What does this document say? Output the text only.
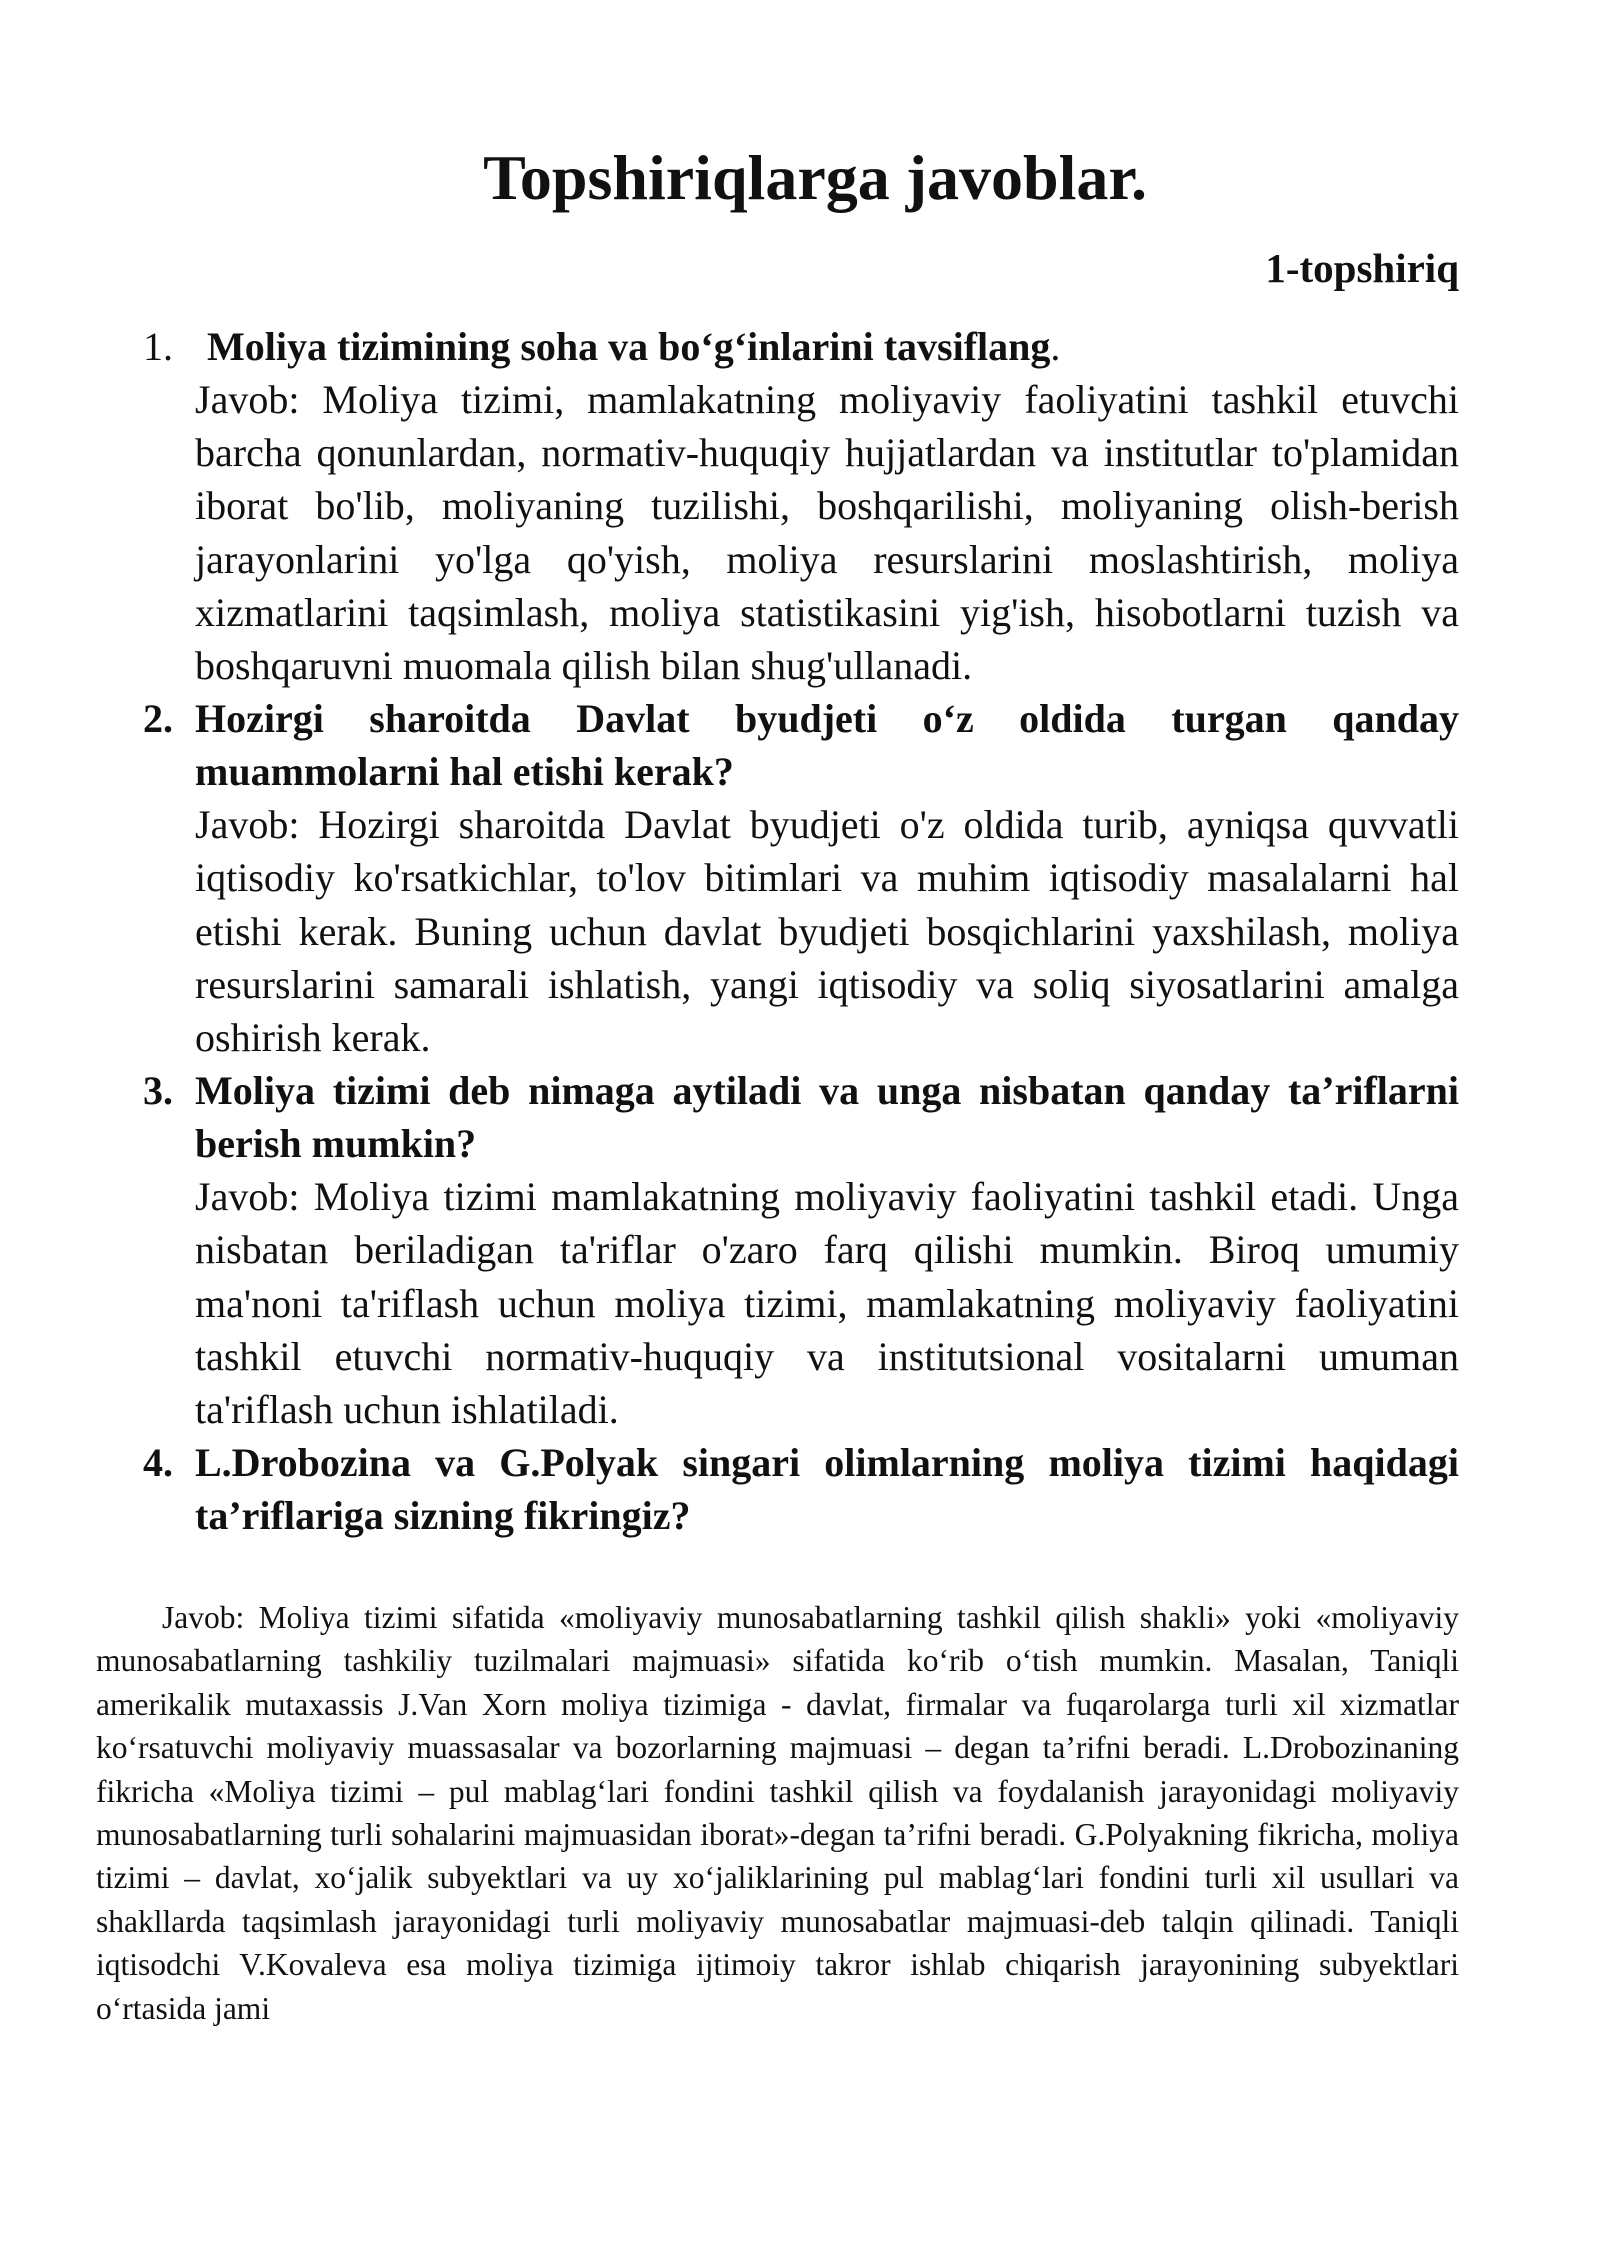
Topshiriqlarga javoblar.
1-topshiriq
1. Moliya tizimining soha va bo‘g‘inlarini tavsiflang.
Javob: Moliya tizimi, mamlakatning moliyaviy faoliyatini tashkil etuvchi barcha qonunlardan, normativ-huquqiy hujjatlardan va institutlar to'plamidan iborat bo'lib, moliyaning tuzilishi, boshqarilishi, moliyaning olish-berish jarayonlarini yo'lga qo'yish, moliya resurslarini moslashtirish, moliya xizmatlarini taqsimlash, moliya statistikasini yig'ish, hisobotlarni tuzish va boshqaruvni muomala qilish bilan shug'ullanadi.
2. Hozirgi sharoitda Davlat byudjeti o‘z oldida turgan qanday muammolarni hal etishi kerak?
Javob: Hozirgi sharoitda Davlat byudjeti o'z oldida turib, ayniqsa quvvatli iqtisodiy ko'rsatkichlar, to'lov bitimlari va muhim iqtisodiy masalalarni hal etishi kerak. Buning uchun davlat byudjeti bosqichlarini yaxshilash, moliya resurslarini samarali ishlatish, yangi iqtisodiy va soliq siyosatlarini amalga oshirish kerak.
3. Moliya tizimi deb nimaga aytiladi va unga nisbatan qanday ta’riflarni berish mumkin?
Javob: Moliya tizimi mamlakatning moliyaviy faoliyatini tashkil etadi. Unga nisbatan beriladigan ta'riflar o'zaro farq qilishi mumkin. Biroq umumiy ma'noni ta'riflash uchun moliya tizimi, mamlakatning moliyaviy faoliyatini tashkil etuvchi normativ-huquqiy va institutsional vositalarni umuman ta'riflash uchun ishlatiladi.
4. L.Drobozina va G.Polyak singari olimlarning moliya tizimi haqidagi ta’riflariga sizning fikringiz?
Javob: Moliya tizimi sifatida «moliyaviy munosabatlarning tashkil qilish shakli» yoki «moliyaviy munosabatlarning tashkiliy tuzilmalari majmuasi» sifatida ko‘rib o‘tish mumkin. Masalan, Taniqli amerikalik mutaxassis J.Van Xorn moliya tizimiga - davlat, firmalar va fuqarolarga turli xil xizmatlar ko‘rsatuvchi moliyaviy muassasalar va bozorlarning majmuasi – degan ta’rifni beradi. L.Drobozinaning fikricha «Moliya tizimi – pul mablag‘lari fondini tashkil qilish va foydalanish jarayonidagi moliyaviy munosabatlarning turli sohalarini majmuasidan iborat»-degan ta’rifni beradi. G.Polyakning fikricha, moliya tizimi – davlat, xo‘jalik subyektlari va uy xo‘jaliklarining pul mablag‘lari fondini turli xil usullari va shakllarda taqsimlash jarayonidagi turli moliyaviy munosabatlar majmuasi-deb talqin qilinadi. Taniqli iqtisodchi V.Kovaleva esa moliya tizimiga ijtimoiy takror ishlab chiqarish jarayonining subyektlari o‘rtasida jami
